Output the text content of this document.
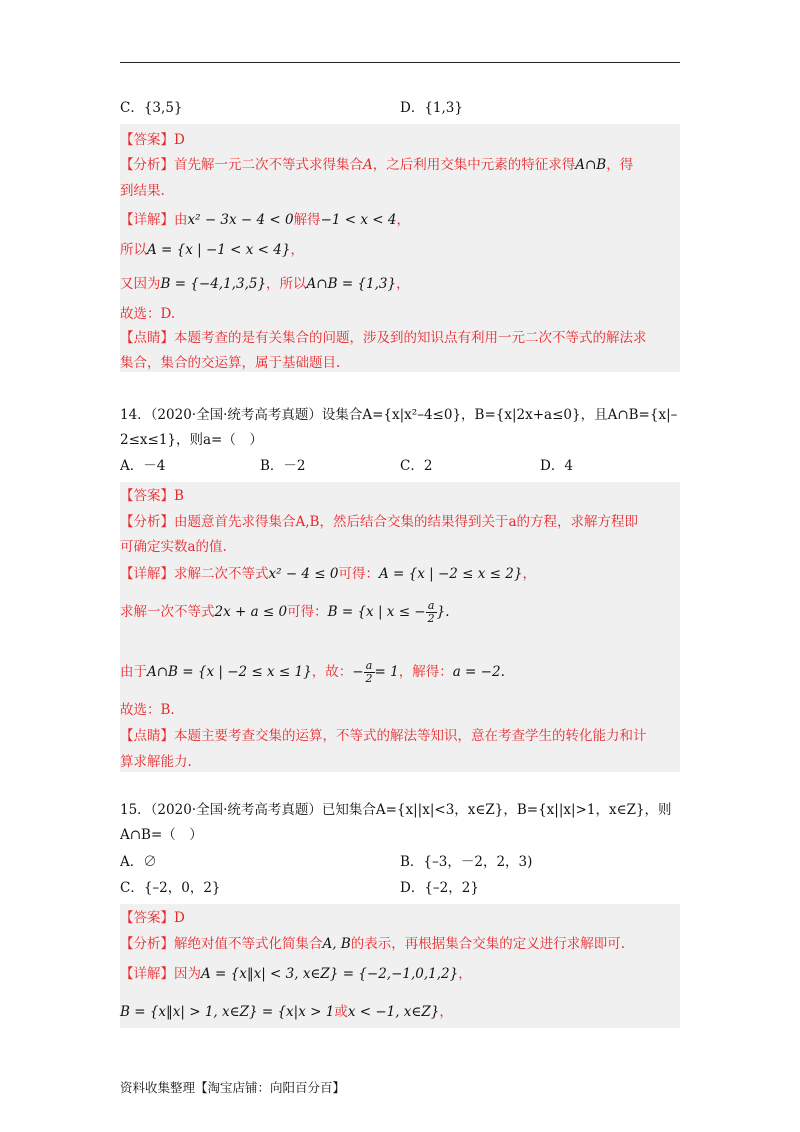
C．{3,5}	D．{1,3}
【答案】D
【分析】首先解一元二次不等式求得集合A，之后利用交集中元素的特征求得A∩B，得
到结果.
【详解】由x² − 3x − 4 < 0解得−1 < x < 4，
所以A = {x | −1 < x < 4}，
又因为B = {−4,1,3,5}，所以A∩B = {1,3}，
故选：D.
【点睛】本题考查的是有关集合的问题，涉及到的知识点有利用一元二次不等式的解法求
集合，集合的交运算，属于基础题目.
14．（2020·全国·统考高考真题）设集合A={x|x²–4≤0}，B={x|2x+a≤0}，且A∩B={x|–
2≤x≤1}，则a=（　）
A．－4	B．－2	C．2	D．4
【答案】B
【分析】由题意首先求得集合A,B，然后结合交集的结果得到关于a的方程，求解方程即
可确定实数a的值.
【详解】求解二次不等式x² − 4 ≤ 0可得：A = {x | −2 ≤ x ≤ 2}，
求解一次不等式2x + a ≤ 0可得：B = {x | x ≤ − $\frac{a}{2}$ }.
由于A∩B = {x | −2 ≤ x ≤ 1}，故：− $\frac{a}{2} = 1$，解得：a = −2.
故选：B.
【点睛】本题主要考查交集的运算，不等式的解法等知识，意在考查学生的转化能力和计
算求解能力.
15．（2020·全国·统考高考真题）已知集合A={x||x|<3，x∈Z}，B={x||x|>1，x∈Z}，则
A∩B=（　）
A．∅	B．{–3，－2，2，3)
C．{–2，0，2}	D．{–2，2}
【答案】D
【分析】解绝对值不等式化简集合A, B的表示，再根据集合交集的定义进行求解即可.
【详解】因为A = {x‖x| < 3, x∈Z} = {−2,−1,0,1,2}，
B = {x‖x| > 1, x∈Z} = {x|x > 1或x < −1, x∈Z}，
资料收集整理【淘宝店铺：向阳百分百】
